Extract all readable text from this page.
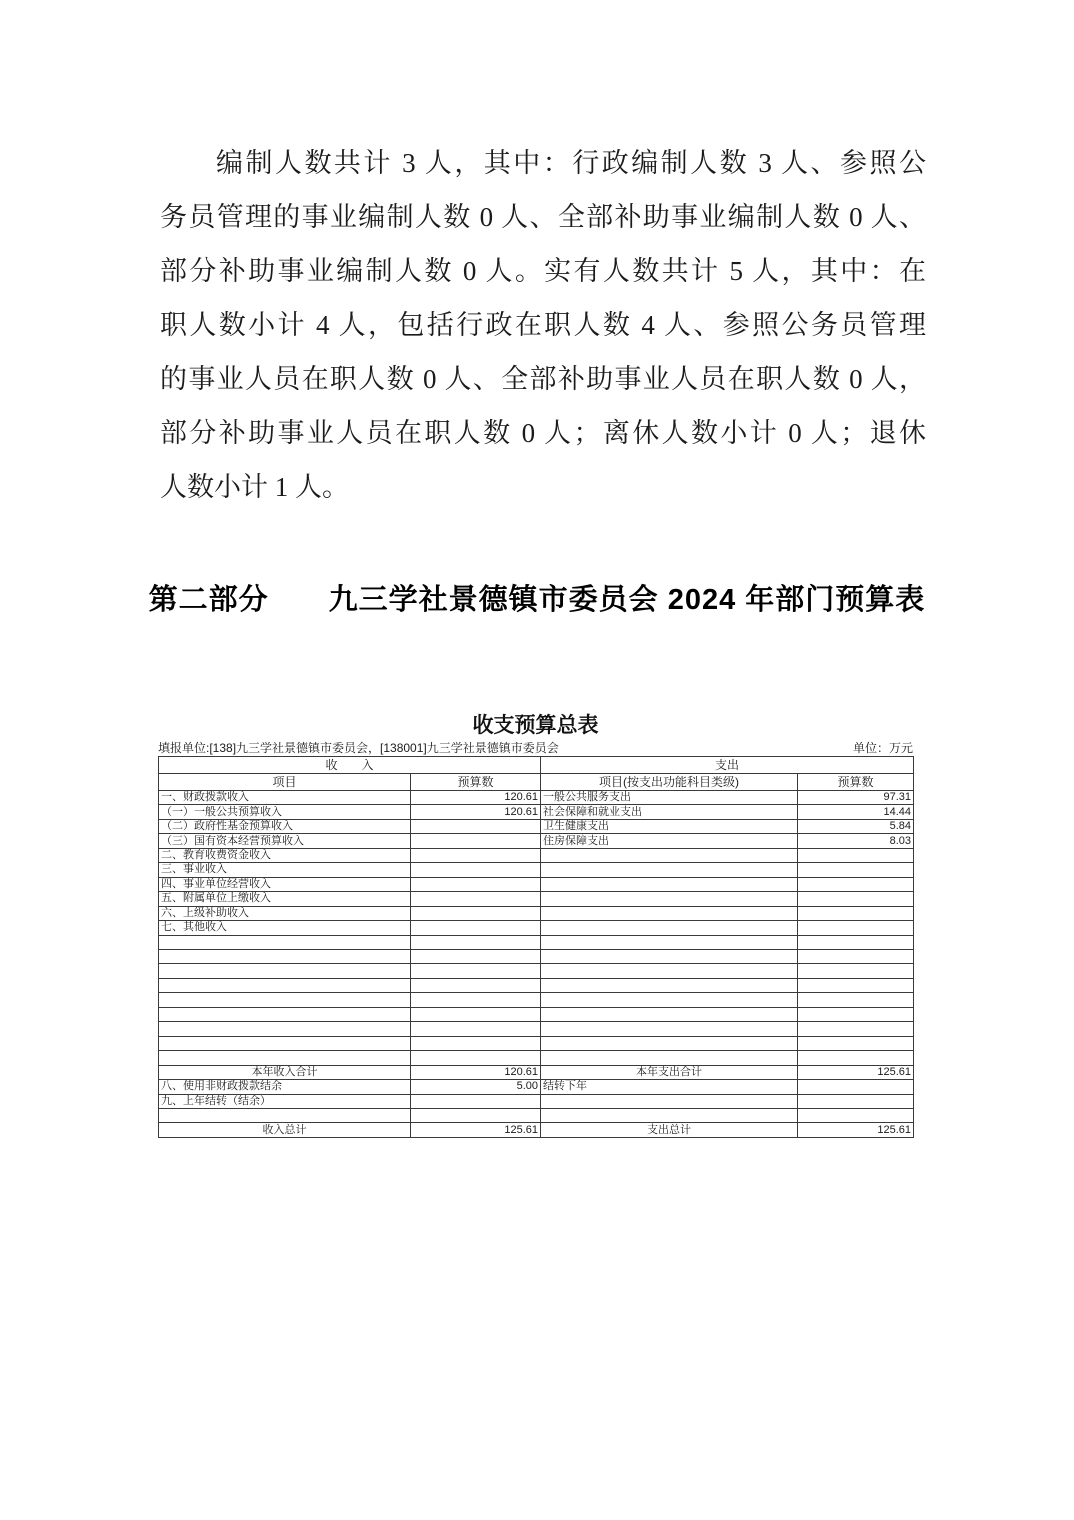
编制人数共计 3 人，其中：行政编制人数 3 人、参照公
务员管理的事业编制人数 0 人、全部补助事业编制人数 0 人、
部分补助事业编制人数 0 人。实有人数共计 5 人，其中：在
职人数小计 4 人，包括行政在职人数 4 人、参照公务员管理
的事业人员在职人数 0 人、全部补助事业人员在职人数 0 人，
部分补助事业人员在职人数 0 人；离休人数小计 0 人；退休
人数小计 1 人。
第二部分　　九三学社景德镇市委员会 2024 年部门预算表
收支预算总表
填报单位:[138]九三学社景德镇市委员会，[138001]九三学社景德镇市委员会	单位：万元
收　　入		支出	
项目	预算数	项目(按支出功能科目类级)	预算数
一、财政拨款收入	120.61	一般公共服务支出	97.31
（一）一般公共预算收入	120.61	社会保障和就业支出	14.44
（二）政府性基金预算收入		卫生健康支出	5.84
（三）国有资本经营预算收入		住房保障支出	8.03
二、教育收费资金收入			
三、事业收入			
四、事业单位经营收入			
五、附属单位上缴收入			
六、上级补助收入			
七、其他收入			

本年收入合计	120.61	本年支出合计	125.61
八、使用非财政拨款结余	5.00	结转下年	
九、上年结转（结余）			

收入总计	125.61	支出总计	125.61
